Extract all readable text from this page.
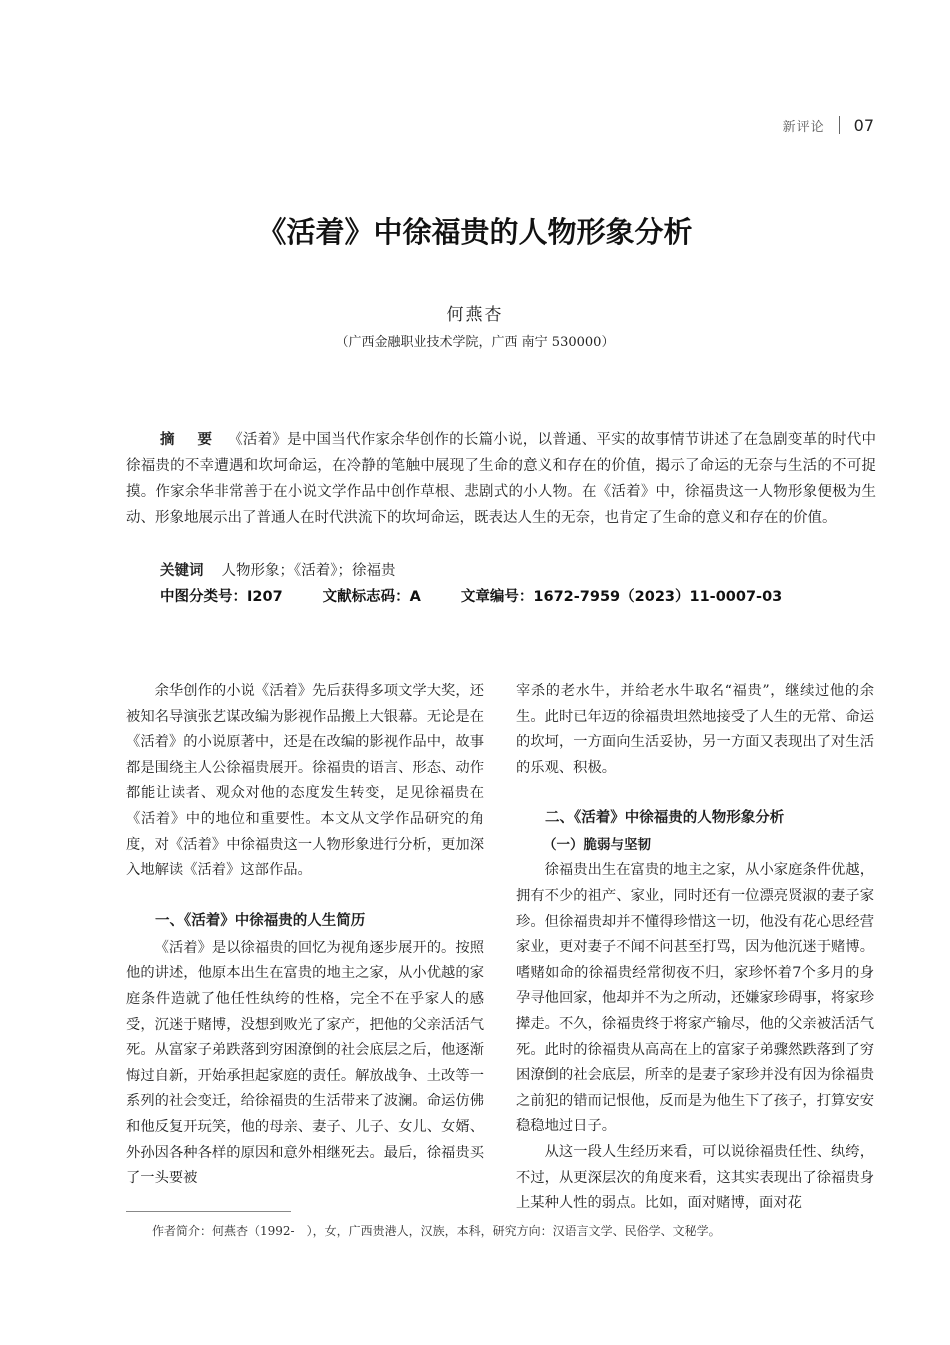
新评论 07
《活着》中徐福贵的人物形象分析
何燕杏
（广西金融职业技术学院，广西 南宁 530000）
摘　要 《活着》是中国当代作家余华创作的长篇小说，以普通、平实的故事情节讲述了在急剧变革的时代中徐福贵的不幸遭遇和坎坷命运，在冷静的笔触中展现了生命的意义和存在的价值，揭示了命运的无奈与生活的不可捉摸。作家余华非常善于在小说文学作品中创作草根、悲剧式的小人物。在《活着》中，徐福贵这一人物形象便极为生动、形象地展示出了普通人在时代洪流下的坎坷命运，既表达人生的无奈，也肯定了生命的意义和存在的价值。
关键词 人物形象；《活着》；徐福贵
中图分类号：I207	文献标志码：A	文章编号：1672-7959（2023）11-0007-03

余华创作的小说《活着》先后获得多项文学大奖，还被知名导演张艺谋改编为影视作品搬上大银幕。无论是在《活着》的小说原著中，还是在改编的影视作品中，故事都是围绕主人公徐福贵展开。徐福贵的语言、形态、动作都能让读者、观众对他的态度发生转变，足见徐福贵在《活着》中的地位和重要性。本文从文学作品研究的角度，对《活着》中徐福贵这一人物形象进行分析，更加深入地解读《活着》这部作品。

一、《活着》中徐福贵的人生简历

《活着》是以徐福贵的回忆为视角逐步展开的。按照他的讲述，他原本出生在富贵的地主之家，从小优越的家庭条件造就了他任性纨绔的性格，完全不在乎家人的感受，沉迷于赌博，没想到败光了家产，把他的父亲活活气死。从富家子弟跌落到穷困潦倒的社会底层之后，他逐渐悔过自新，开始承担起家庭的责任。解放战争、土改等一系列的社会变迁，给徐福贵的生活带来了波澜。命运仿佛和他反复开玩笑，他的母亲、妻子、儿子、女儿、女婿、外孙因各种各样的原因和意外相继死去。最后，徐福贵买了一头要被

宰杀的老水牛，并给老水牛取名“福贵”，继续过他的余生。此时已年迈的徐福贵坦然地接受了人生的无常、命运的坎坷，一方面向生活妥协，另一方面又表现出了对生活的乐观、积极。

二、《活着》中徐福贵的人物形象分析
（一）脆弱与坚韧

徐福贵出生在富贵的地主之家，从小家庭条件优越，拥有不少的祖产、家业，同时还有一位漂亮贤淑的妻子家珍。但徐福贵却并不懂得珍惜这一切，他没有花心思经营家业，更对妻子不闻不问甚至打骂，因为他沉迷于赌博。嗜赌如命的徐福贵经常彻夜不归，家珍怀着7个多月的身孕寻他回家，他却并不为之所动，还嫌家珍碍事，将家珍撵走。不久，徐福贵终于将家产输尽，他的父亲被活活气死。此时的徐福贵从高高在上的富家子弟骤然跌落到了穷困潦倒的社会底层，所幸的是妻子家珍并没有因为徐福贵之前犯的错而记恨他，反而是为他生下了孩子，打算安安稳稳地过日子。

从这一段人生经历来看，可以说徐福贵任性、纨绔，不过，从更深层次的角度来看，这其实表现出了徐福贵身上某种人性的弱点。比如，面对赌博，面对花

作者简介：何燕杏（1992-　），女，广西贵港人，汉族，本科，研究方向：汉语言文学、民俗学、文秘学。
